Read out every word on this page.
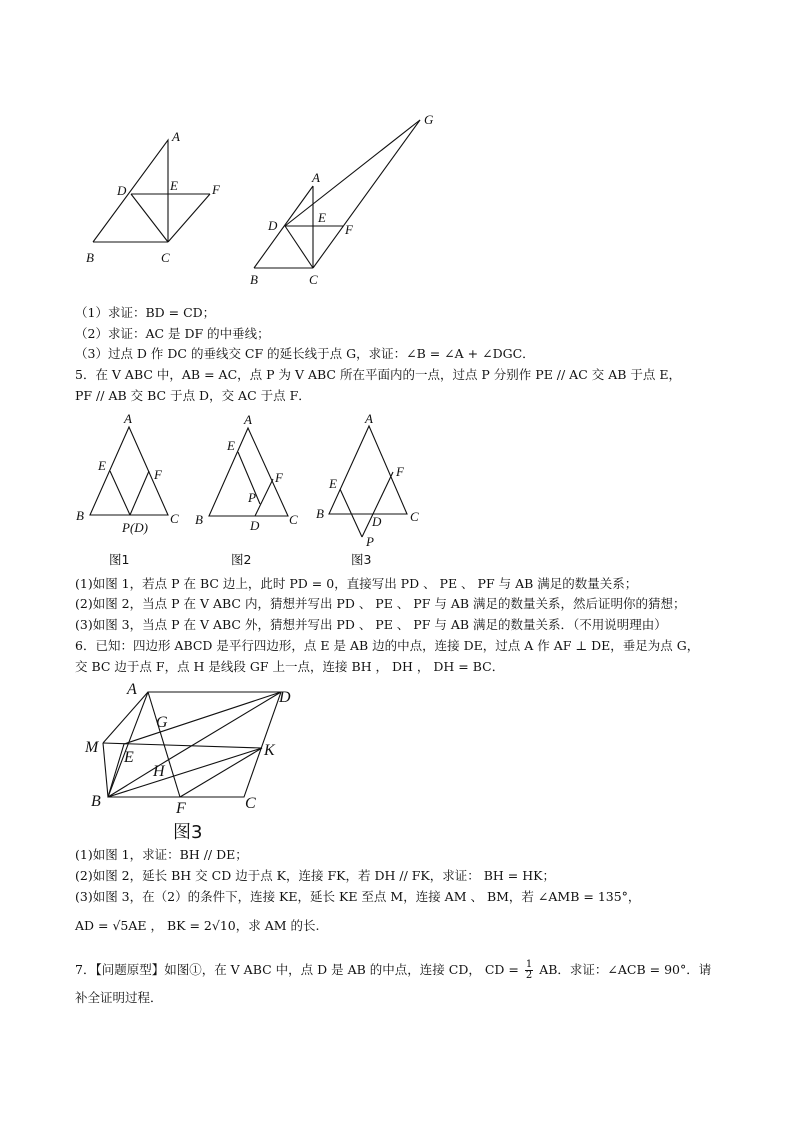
A
D	E	F
B	C
G
A
D
E
F
B	C
（1）求证：BD = CD；
（2）求证：AC 是 DF 的中垂线；
（3）过点 D 作 DC 的垂线交 CF 的延长线于点 G，求证：∠B = ∠A + ∠DGC．
5．在 V ABC 中，AB = AC，点 P 为 V ABC 所在平面内的一点，过点 P 分别作 PE // AC 交 AB 于点 E，
PF // AB 交 BC 于点 D，交 AC 于点 F．
A
E
F
B	C
P(D)
A
E
F
P
B	D C
A
F
E
B
D C
P
图1	图2	图3
(1)如图 1，若点 P 在 BC 边上，此时 PD = 0，直接写出 PD 、 PE 、 PF 与 AB 满足的数量关系；
(2)如图 2，当点 P 在 V ABC 内，猜想并写出 PD 、 PE 、 PF 与 AB 满足的数量关系，然后证明你的猜想；
(3)如图 3，当点 P 在 V ABC 外，猜想并写出 PD 、 PE 、 PF 与 AB 满足的数量关系．（不用说明理由）
6．已知：四边形 ABCD 是平行四边形，点 E 是 AB 边的中点，连接 DE，过点 A 作 AF ⊥ DE，垂足为点 G，
交 BC 边于点 F，点 H 是线段 GF 上一点，连接 BH ， DH ， DH = BC．
A	D
G
M
E	K
H
B	F	C
图3
(1)如图 1，求证：BH // DE；
(2)如图 2，延长 BH 交 CD 边于点 K，连接 FK，若 DH // FK，求证： BH = HK；
(3)如图 3，在（2）的条件下，连接 KE，延长 KE 至点 M，连接 AM 、 BM，若 ∠AMB = 135°，
AD = √5AE ， BK = 2√10，求 AM 的长.
7．【问题原型】如图①，在 V ABC 中，点 D 是 AB 的中点，连接 CD， CD = $\frac{1}{2}$ AB．求证：∠ACB = 90°．请
补全证明过程．
